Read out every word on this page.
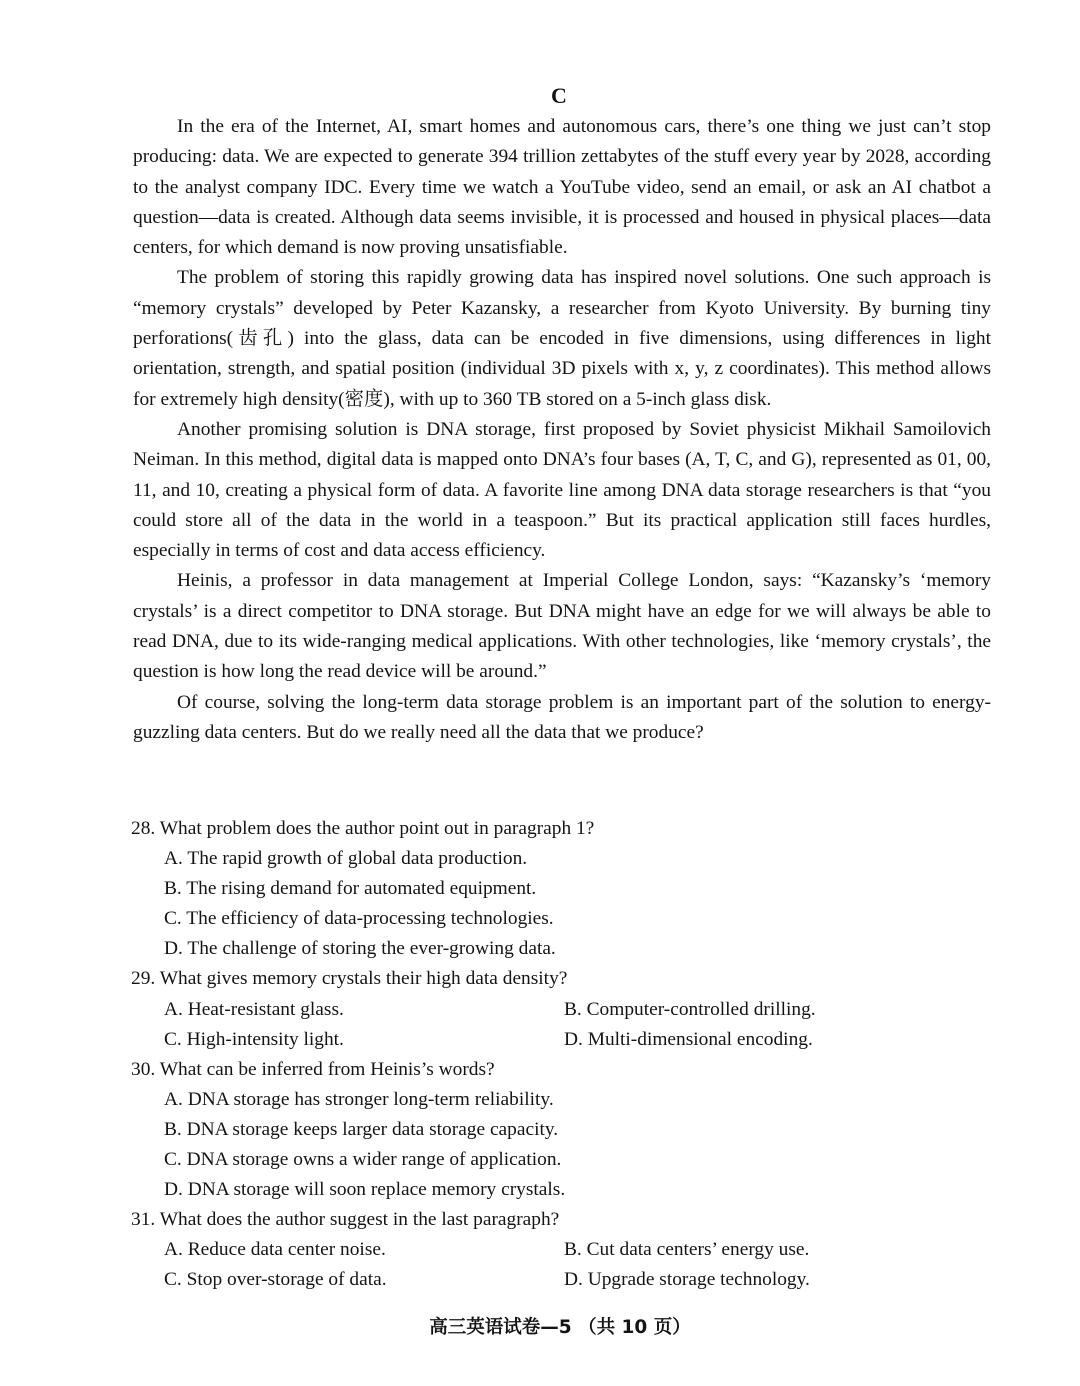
C

In the era of the Internet, AI, smart homes and autonomous cars, there’s one thing we just can’t stop producing: data. We are expected to generate 394 trillion zettabytes of the stuff every year by 2028, according to the analyst company IDC. Every time we watch a YouTube video, send an email, or ask an AI chatbot a question—data is created. Although data seems invisible, it is processed and housed in physical places—data centers, for which demand is now proving unsatisfiable.

The problem of storing this rapidly growing data has inspired novel solutions. One such approach is “memory crystals” developed by Peter Kazansky, a researcher from Kyoto University. By burning tiny perforations(齿孔) into the glass, data can be encoded in five dimensions, using differences in light orientation, strength, and spatial position (individual 3D pixels with x, y, z coordinates). This method allows for extremely high density(密度), with up to 360 TB stored on a 5-inch glass disk.

Another promising solution is DNA storage, first proposed by Soviet physicist Mikhail Samoilovich Neiman. In this method, digital data is mapped onto DNA’s four bases (A, T, C, and G), represented as 01, 00, 11, and 10, creating a physical form of data. A favorite line among DNA data storage researchers is that “you could store all of the data in the world in a teaspoon.” But its practical application still faces hurdles, especially in terms of cost and data access efficiency.

Heinis, a professor in data management at Imperial College London, says: “Kazansky’s ‘memory crystals’ is a direct competitor to DNA storage. But DNA might have an edge for we will always be able to read DNA, due to its wide-ranging medical applications. With other technologies, like ‘memory crystals’, the question is how long the read device will be around.”

Of course, solving the long-term data storage problem is an important part of the solution to energy-guzzling data centers. But do we really need all the data that we produce?

28. What problem does the author point out in paragraph 1?

A. The rapid growth of global data production.

B. The rising demand for automated equipment.

C. The efficiency of data-processing technologies.

D. The challenge of storing the ever-growing data.

29. What gives memory crystals their high data density?

A. Heat-resistant glass.	B. Computer-controlled drilling.

C. High-intensity light.	D. Multi-dimensional encoding.

30. What can be inferred from Heinis’s words?

A. DNA storage has stronger long-term reliability.

B. DNA storage keeps larger data storage capacity.

C. DNA storage owns a wider range of application.

D. DNA storage will soon replace memory crystals.

31. What does the author suggest in the last paragraph?

A. Reduce data center noise.	B. Cut data centers’ energy use.

C. Stop over-storage of data.	D. Upgrade storage technology.

高三英语试卷—5 （共 10 页）
